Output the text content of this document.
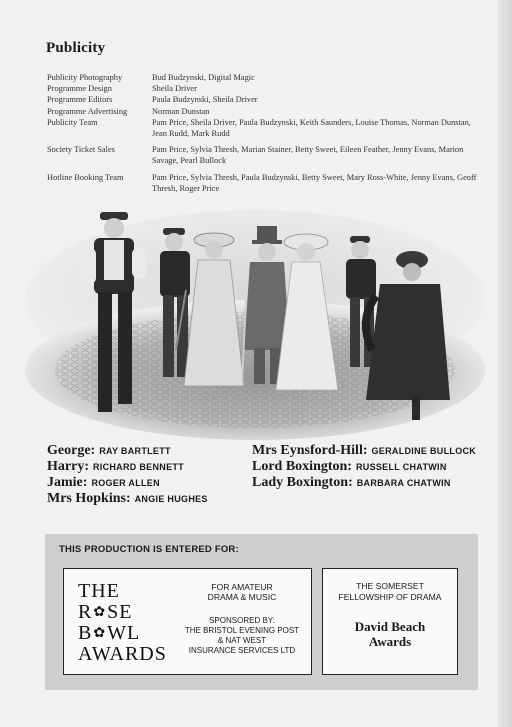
Publicity
Publicity Photography	Bud Budzynski, Digital Magic
Programme Design	Sheila Driver
Programme Editors	Paula Budzynski, Sheila Driver
Programme Advertising	Norman Dunstan
Publicity Team	Pam Price, Sheila Driver, Paula Budzynski, Keith Saunders, Louise Thomas, Norman Dunstan, Jean Rudd, Mark Rudd
Society Ticket Sales	Pam Price, Sylvia Thresh, Marian Stainer, Betty Sweet, Eileen Feather, Jenny Evans, Marion Savage, Pearl Bullock
Hotline Booking Team	Pam Price, Sylvia Thresh, Paula Budzynski, Betty Sweet, Mary Ross-White, Jenny Evans, Geoff Thresh, Roger Price
George: RAY BARTLETT
Harry: RICHARD BENNETT
Jamie: ROGER ALLEN
Mrs Hopkins: ANGIE HUGHES
Mrs Eynsford-Hill: GERALDINE BULLOCK
Lord Boxington: RUSSELL CHATWIN
Lady Boxington: BARBARA CHATWIN
THIS PRODUCTION IS ENTERED FOR:
THE
R✿SE
B✿WL
AWARDS
FOR AMATEUR
DRAMA & MUSIC
SPONSORED BY:
THE BRISTOL EVENING POST
& NAT WEST
INSURANCE SERVICES LTD
THE SOMERSET
FELLOWSHIP OF DRAMA
David Beach
Awards
